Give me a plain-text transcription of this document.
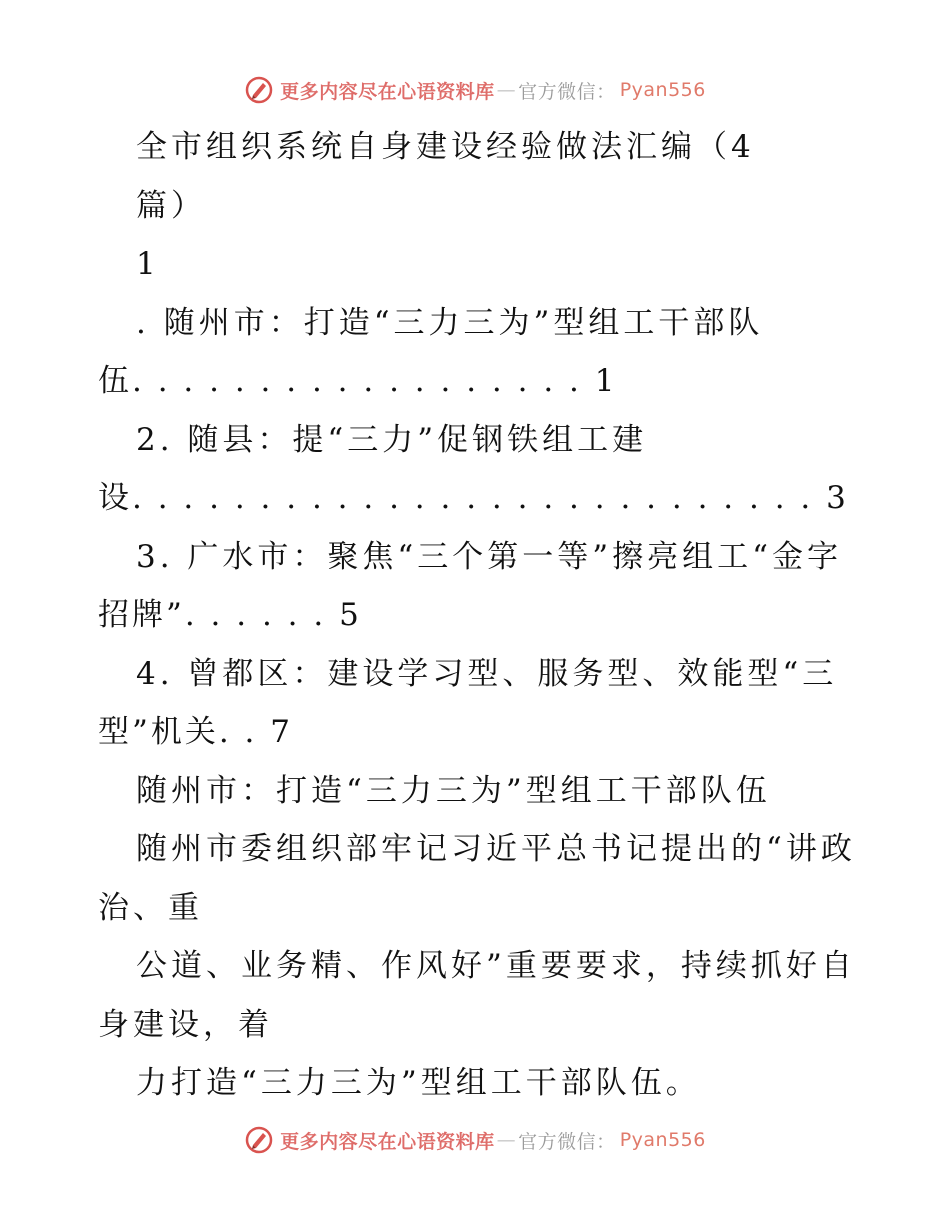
更多内容尽在心语资料库 — 官方微信： Pyan556
全市组织系统自身建设经验做法汇编（4
篇）
1
. 随州市：打造“三力三为”型组工干部队
伍. . . . . . . . . . . . . . . . . . 1
2. 随县：提“三力”促钢铁组工建
设. . . . . . . . . . . . . . . . . . . . . . . . . . . 3
3. 广水市：聚焦“三个第一等”擦亮组工“金字
招牌”. . . . . . 5
4. 曾都区：建设学习型、服务型、效能型“三
型”机关. . 7
随州市：打造“三力三为”型组工干部队伍
随州市委组织部牢记习近平总书记提出的“讲政
治、重
公道、业务精、作风好”重要要求，持续抓好自
身建设，着
力打造“三力三为”型组工干部队伍。
更多内容尽在心语资料库 — 官方微信： Pyan556
